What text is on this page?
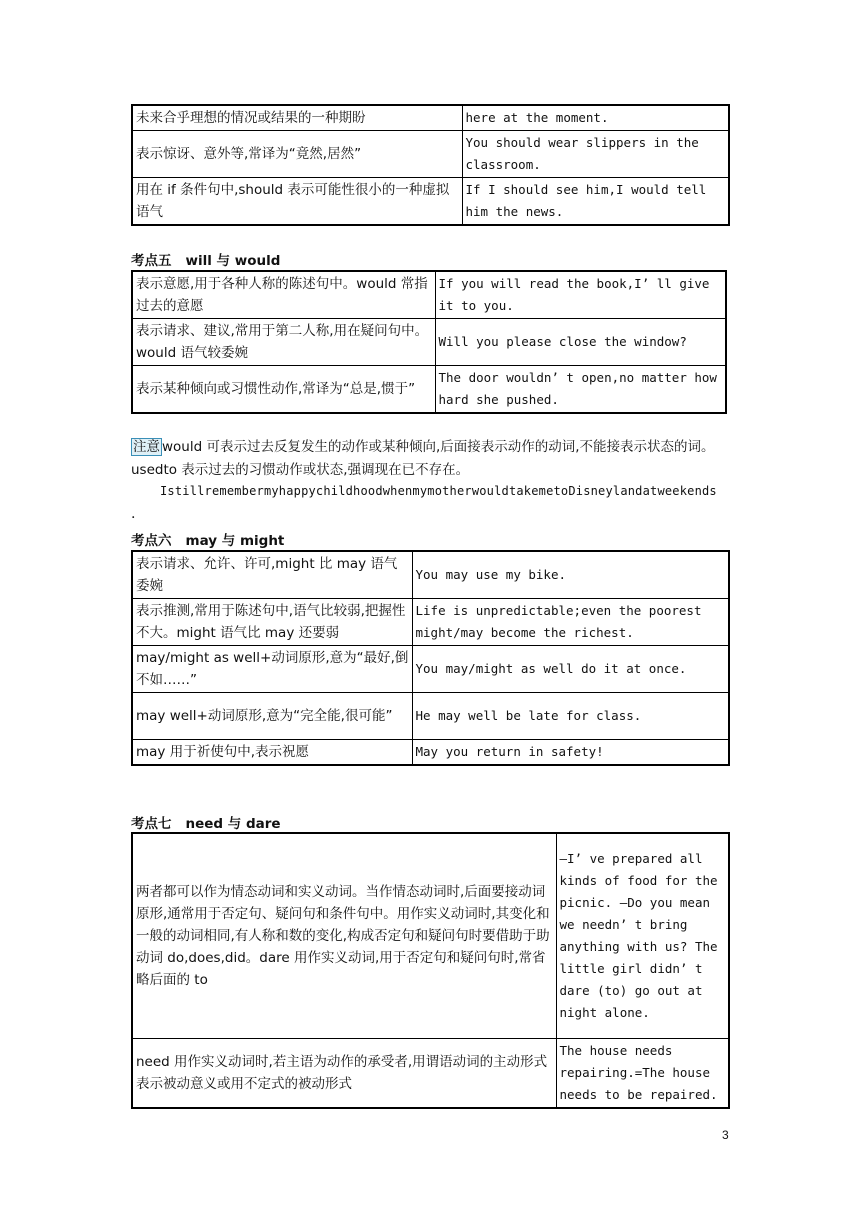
未来合乎理想的情况或结果的一种期盼	here at the moment.
表示惊讶、意外等,常译为“竟然,居然”	You should wear slippers in the classroom.
用在 if 条件句中,should 表示可能性很小的一种虚拟语气	If I should see him,I would tell him the news.
考点五 will 与 would
表示意愿,用于各种人称的陈述句中。would 常指过去的意愿	If you will read the book,I’ ll give it to you.
表示请求、建议,常用于第二人称,用在疑问句中。would 语气较委婉	Will you please close the window?
表示某种倾向或习惯性动作,常译为“总是,惯于”	The door wouldn’ t open,no matter how hard she pushed.
注意 would 可表示过去反复发生的动作或某种倾向,后面接表示动作的动词,不能接表示状态的词。usedto 表示过去的习惯动作或状态,强调现在已不存在。
IstillremembermyhappychildhoodwhenmymotherwouldtakemetoDisneylandatweekends
.
考点六 may 与 might
表示请求、允许、许可,might 比 may 语气委婉	You may use my bike.
表示推测,常用于陈述句中,语气比较弱,把握性不大。might 语气比 may 还要弱	Life is unpredictable;even the poorest might/may become the richest.
may/might as well+动词原形,意为“最好,倒不如……”	You may/might as well do it at once.
may well+动词原形,意为“完全能,很可能”	He may well be late for class.
may 用于祈使句中,表示祝愿	May you return in safety!
考点七 need 与 dare
两者都可以作为情态动词和实义动词。当作情态动词时,后面要接动词原形,通常用于否定句、疑问句和条件句中。用作实义动词时,其变化和一般的动词相同,有人称和数的变化,构成否定句和疑问句时要借助于助动词 do,does,did。dare 用作实义动词,用于否定句和疑问句时,常省略后面的 to	—I’ ve prepared all kinds of food for the picnic. —Do you mean we needn’ t bring anything with us? The little girl didn’ t dare (to) go out at night alone.
need 用作实义动词时,若主语为动作的承受者,用谓语动词的主动形式表示被动意义或用不定式的被动形式	The house needs repairing.=The house needs to be repaired.
3
